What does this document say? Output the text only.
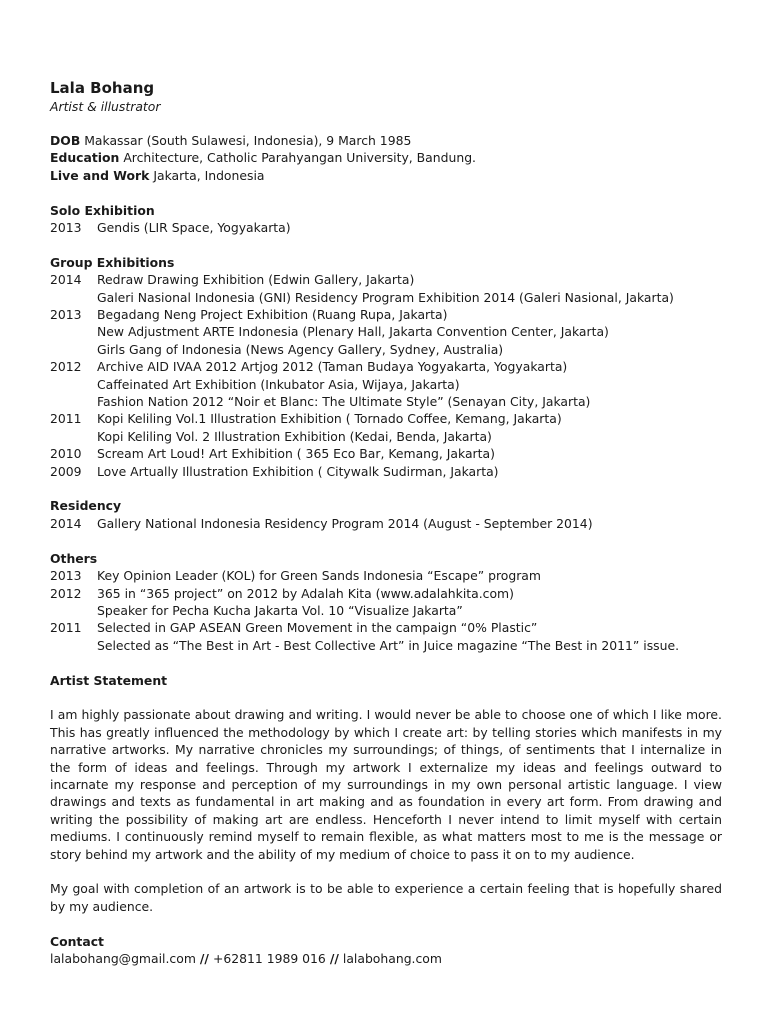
Lala Bohang
Artist & illustrator
DOB Makassar (South Sulawesi, Indonesia), 9 March 1985
Education Architecture, Catholic Parahyangan University, Bandung.
Live and Work Jakarta, Indonesia
Solo Exhibition
2013	Gendis (LIR Space, Yogyakarta)
Group Exhibitions
2014	Redraw Drawing Exhibition (Edwin Gallery, Jakarta)
Galeri Nasional Indonesia (GNI) Residency Program Exhibition 2014 (Galeri Nasional, Jakarta)
2013	Begadang Neng Project Exhibition (Ruang Rupa, Jakarta)
New Adjustment ARTE Indonesia (Plenary Hall, Jakarta Convention Center, Jakarta)
Girls Gang of Indonesia (News Agency Gallery, Sydney, Australia)
2012	Archive AID IVAA 2012 Artjog 2012 (Taman Budaya Yogyakarta, Yogyakarta)
Caffeinated Art Exhibition (Inkubator Asia, Wijaya, Jakarta)
Fashion Nation 2012 “Noir et Blanc: The Ultimate Style” (Senayan City, Jakarta)
2011	Kopi Keliling Vol.1 Illustration Exhibition ( Tornado Coffee, Kemang, Jakarta)
Kopi Keliling Vol. 2 Illustration Exhibition (Kedai, Benda, Jakarta)
2010	Scream Art Loud! Art Exhibition ( 365 Eco Bar, Kemang, Jakarta)
2009	Love Artually Illustration Exhibition ( Citywalk Sudirman, Jakarta)
Residency
2014	Gallery National Indonesia Residency Program 2014 (August - September 2014)
Others
2013	Key Opinion Leader (KOL) for Green Sands Indonesia “Escape” program
2012	365 in “365 project” on 2012 by Adalah Kita (www.adalahkita.com)
Speaker for Pecha Kucha Jakarta Vol. 10 “Visualize Jakarta”
2011	Selected in GAP ASEAN Green Movement in the campaign “0% Plastic”
Selected as “The Best in Art - Best Collective Art” in Juice magazine “The Best in 2011” issue.
Artist Statement
I am highly passionate about drawing and writing. I would never be able to choose one of which I like more. This has greatly influenced the methodology by which I create art: by telling stories which manifests in my narrative artworks. My narrative chronicles my surroundings; of things, of sentiments that I internalize in the form of ideas and feelings. Through my artwork I externalize my ideas and feelings outward to incarnate my response and perception of my surroundings in my own personal artistic language. I view drawings and texts as fundamental in art making and as foundation in every art form. From drawing and writing the possibility of making art are endless. Henceforth I never intend to limit myself with certain mediums. I continuously remind myself to remain flexible, as what matters most to me is the message or story behind my artwork and the ability of my medium of choice to pass it on to my audience.
My goal with completion of an artwork is to be able to experience a certain feeling that is hopefully shared by my audience.
Contact
lalabohang@gmail.com // +62811 1989 016 // lalabohang.com
